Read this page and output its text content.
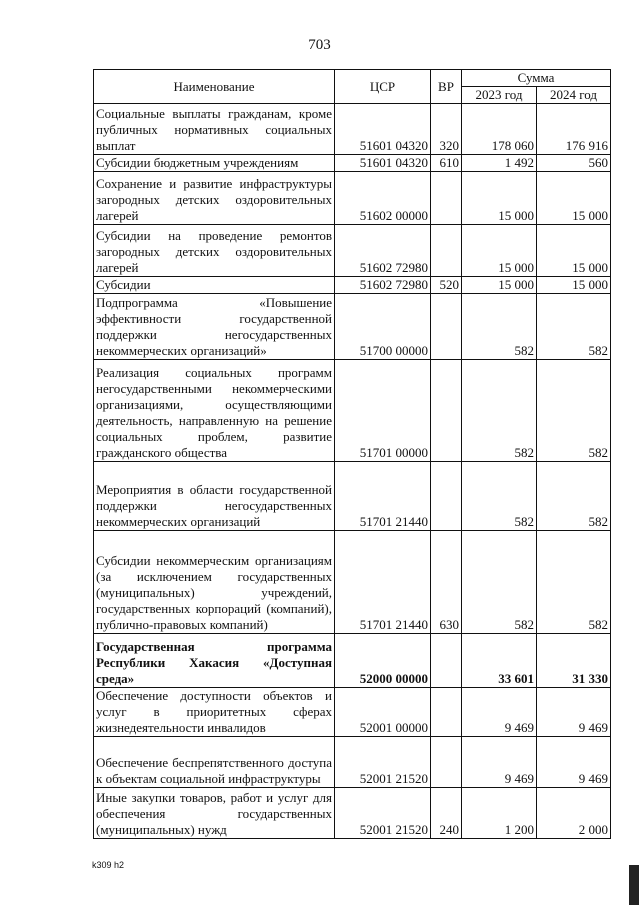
703
Наименование	ЦСР	ВР	Сумма	
			2023 год	2024 год
Социальные выплаты гражданам, кроме публичных нормативных социальных выплат	51601 04320	320	178 060	176 916
Субсидии бюджетным учреждениям	51601 04320	610	1 492	560
Сохранение и развитие инфраструктуры загородных детских оздоровительных лагерей	51602 00000		15 000	15 000
Субсидии на проведение ремонтов загородных детских оздоровительных лагерей	51602 72980		15 000	15 000
Субсидии	51602 72980	520	15 000	15 000
Подпрограмма «Повышение эффективности государственной поддержки негосударственных некоммерческих организаций»	51700 00000		582	582
Реализация социальных программ негосударственными некоммерческими организациями, осуществляющими деятельность, направленную на решение социальных проблем, развитие гражданского общества	51701 00000		582	582
Мероприятия в области государственной поддержки негосударственных некоммерческих организаций	51701 21440		582	582
Субсидии некоммерческим организациям (за исключением государственных (муниципальных) учреждений, государственных корпораций (компаний), публично-правовых компаний)	51701 21440	630	582	582
Государственная программа Республики Хакасия «Доступная среда»	52000 00000		33 601	31 330
Обеспечение доступности объектов и услуг в приоритетных сферах жизнедеятельности инвалидов	52001 00000		9 469	9 469
Обеспечение беспрепятственного доступа к объектам социальной инфраструктуры	52001 21520		9 469	9 469
Иные закупки товаров, работ и услуг для обеспечения государственных (муниципальных) нужд	52001 21520	240	1 200	2 000
k309 h2
